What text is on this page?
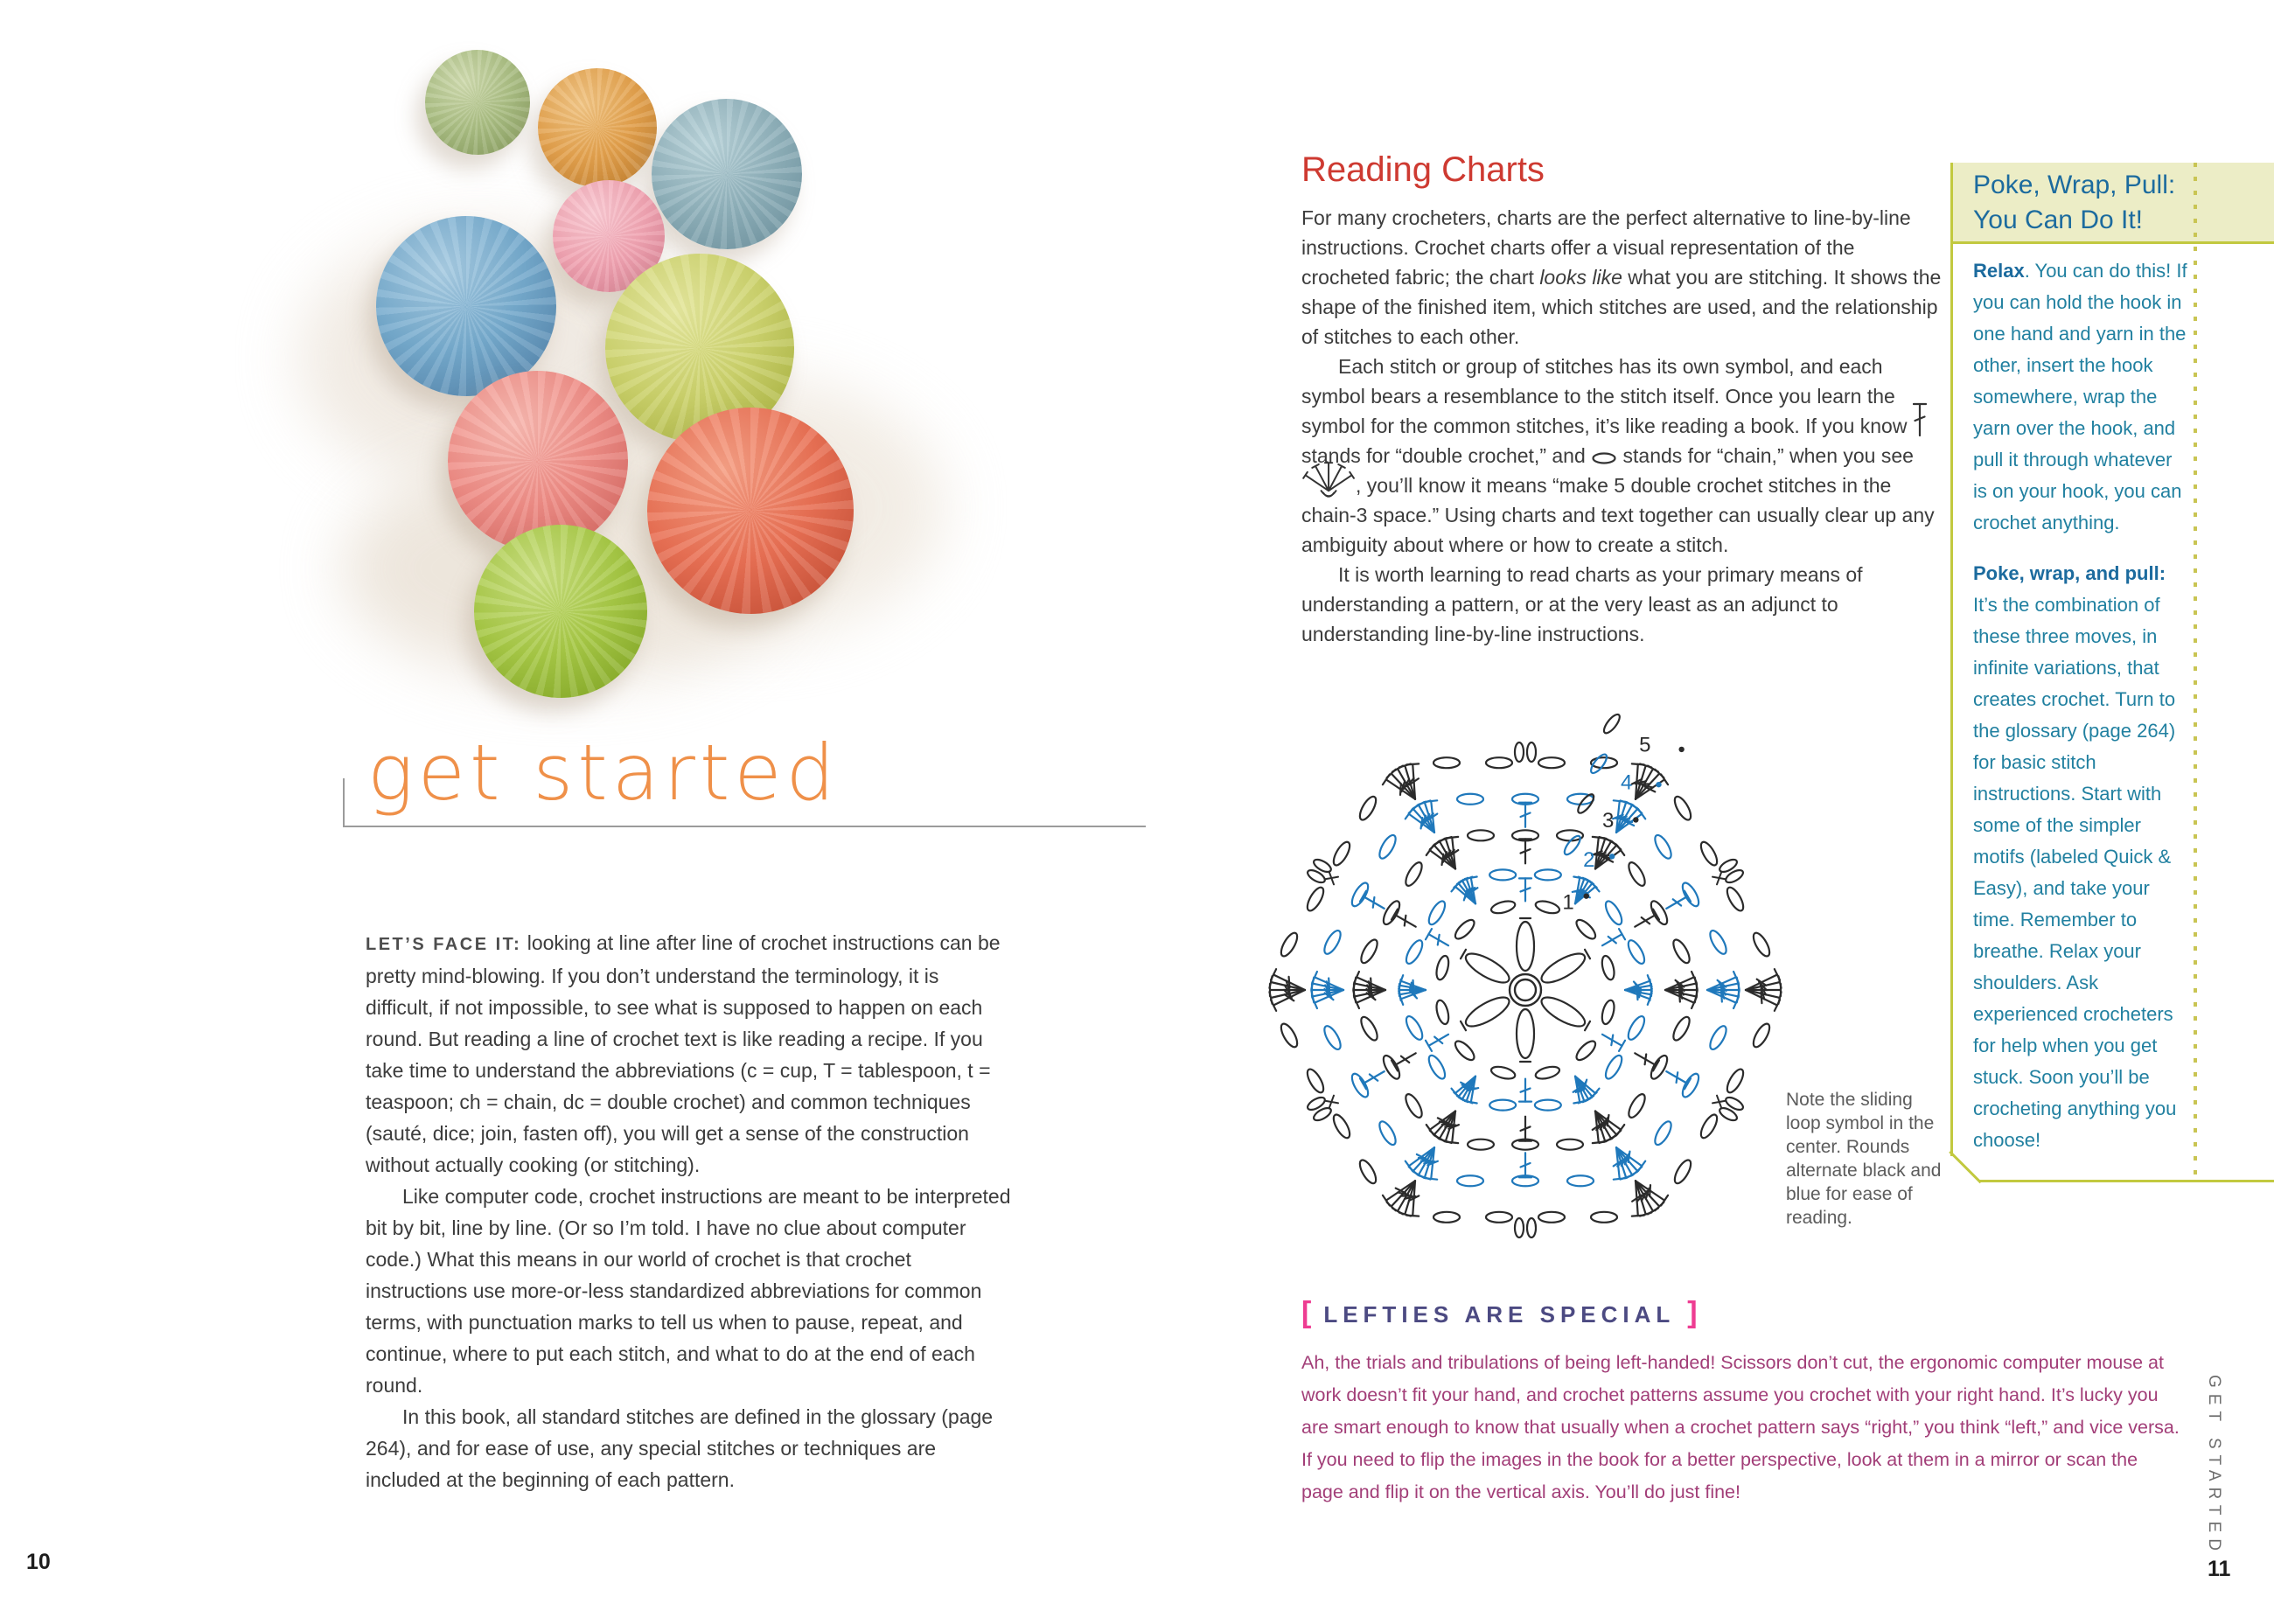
get started

LET’S FACE IT: looking at line after line of crochet instructions can be pretty mind-blowing. If you don’t understand the terminology, it is difficult, if not impossible, to see what is supposed to happen on each round. But reading a line of crochet text is like reading a recipe. If you take time to understand the abbreviations (c = cup, T = tablespoon, t = teaspoon; ch = chain, dc = double crochet) and common techniques (sauté, dice; join, fasten off), you will get a sense of the construction without actually cooking (or stitching).

Like computer code, crochet instructions are meant to be interpreted bit by bit, line by line. (Or so I’m told. I have no clue about computer code.) What this means in our world of crochet is that crochet instructions use more-or-less standardized abbreviations for common terms, with punctuation marks to tell us when to pause, repeat, and continue, where to put each stitch, and what to do at the end of each round.

In this book, all standard stitches are defined in the glossary (page 264), and for ease of use, any special stitches or techniques are included at the beginning of each pattern.

10
Reading Charts

For many crocheters, charts are the perfect alternative to line-by-line instructions. Crochet charts offer a visual representation of the crocheted fabric; the chart looks like what you are stitching. It shows the shape of the finished item, which stitches are used, and the relationship of stitches to each other.

Each stitch or group of stitches has its own symbol, and each symbol bears a resemblance to the stitch itself. Once you learn the symbol for the common stitches, it’s like reading a book. If you know
stands for “double crochet,” and
stands for “chain,” when you see
, you’ll know it means “make 5 double crochet stitches in the chain-3 space.” Using charts and text together can usually clear up any ambiguity about where or how to create a stitch.

It is worth learning to read charts as your primary means of understanding a pattern, or at the very least as an adjunct to understanding line-by-line instructions.

1
2
3
4
5
Note the sliding loop symbol in the center. Rounds alternate black and blue for ease of reading.
[ LEFTIES ARE SPECIAL ]
Ah, the trials and tribulations of being left-handed! Scissors don’t cut, the ergonomic computer mouse at work doesn’t fit your hand, and crochet patterns assume you crochet with your right hand. It’s lucky you are smart enough to know that usually when a crochet pattern says “right,” you think “left,” and vice versa. If you need to flip the images in the book for a better perspective, look at them in a mirror or scan the page and flip it on the vertical axis. You’ll do just fine!
Poke, Wrap, Pull: You Can Do It!

Relax. You can do this! If you can hold the hook in one hand and yarn in the other, insert the hook somewhere, wrap the yarn over the hook, and pull it through whatever is on your hook, you can crochet anything.

Poke, wrap, and pull: It’s the combination of these three moves, in infinite variations, that creates crochet. Turn to the glossary (page 264) for basic stitch instructions. Start with some of the simpler motifs (labeled Quick & Easy), and take your time. Remember to breathe. Relax your shoulders. Ask experienced crocheters for help when you get stuck. Soon you’ll be crocheting anything you choose!

GET STARTED
11
